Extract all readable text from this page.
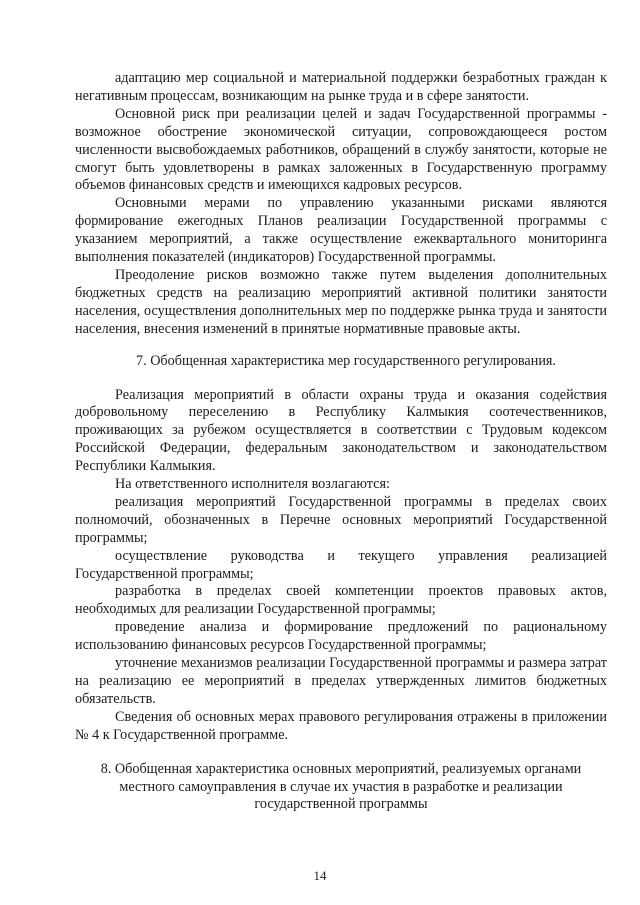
адаптацию мер социальной и материальной поддержки безработных граждан к негативным процессам, возникающим на рынке труда и в сфере занятости.

Основной риск при реализации целей и задач Государственной программы - возможное обострение экономической ситуации, сопровождающееся ростом численности высвобождаемых работников, обращений в службу занятости, которые не смогут быть удовлетворены в рамках заложенных в Государственную программу объемов финансовых средств и имеющихся кадровых ресурсов.

Основными мерами по управлению указанными рисками являются формирование ежегодных Планов реализации Государственной программы с указанием мероприятий, а также осуществление ежеквартального мониторинга выполнения показателей (индикаторов) Государственной программы.

Преодоление рисков возможно также путем выделения дополнительных бюджетных средств на реализацию мероприятий активной политики занятости населения, осуществления дополнительных мер по поддержке рынка труда и занятости населения, внесения изменений в принятые нормативные правовые акты.

7. Обобщенная характеристика мер государственного регулирования.

Реализация мероприятий в области охраны труда и оказания содействия добровольному переселению в Республику Калмыкия соотечественников, проживающих за рубежом осуществляется в соответствии с Трудовым кодексом Российской Федерации, федеральным законодательством и законодательством Республики Калмыкия.

На ответственного исполнителя возлагаются:

реализация мероприятий Государственной программы в пределах своих полномочий, обозначенных в Перечне основных мероприятий Государственной программы;

осуществление руководства и текущего управления реализацией Государственной программы;

разработка в пределах своей компетенции проектов правовых актов, необходимых для реализации Государственной программы;

проведение анализа и формирование предложений по рациональному использованию финансовых ресурсов Государственной программы;

уточнение механизмов реализации Государственной программы и размера затрат на реализацию ее мероприятий в пределах утвержденных лимитов бюджетных обязательств.

Сведения об основных мерах правового регулирования отражены в приложении № 4 к Государственной программе.

8. Обобщенная характеристика основных мероприятий, реализуемых органами

местного самоуправления в случае их участия в разработке и реализации

государственной программы

14
